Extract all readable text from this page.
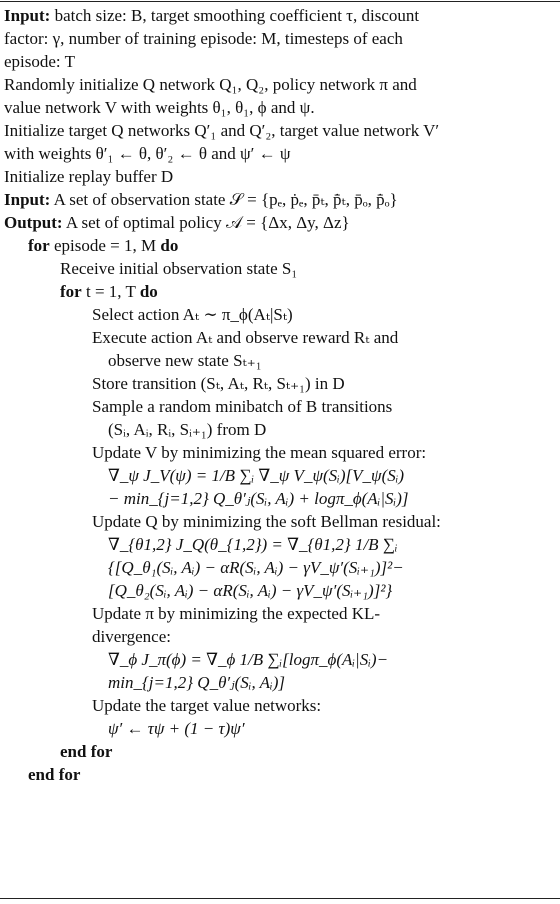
Input: batch size: B, target smoothing coefficient τ, discount
factor: γ, number of training episode: M, timesteps of each
episode: T
Randomly initialize Q network Q₁, Q₂, policy network π and
value network V with weights θ₁, θ₁, ϕ and ψ.
Initialize target Q networks Q′₁ and Q′₂, target value network V′
with weights θ′₁ ← θ, θ′₂ ← θ and ψ′ ← ψ
Initialize replay buffer D
Input: A set of observation state 𝒮 = {pₑ, ṗₑ, p̄ₜ, p̄̇ₜ, p̄ₒ, p̄̇ₒ}
Output: A set of optimal policy 𝒜 = {Δx, Δy, Δz}
for episode = 1, M do
Receive initial observation state S₁
for t = 1, T do
Select action Aₜ ∼ π_ϕ(Aₜ|Sₜ)
Execute action Aₜ and observe reward Rₜ and
observe new state Sₜ₊₁
Store transition (Sₜ, Aₜ, Rₜ, Sₜ₊₁) in D
Sample a random minibatch of B transitions
(Sᵢ, Aᵢ, Rᵢ, Sᵢ₊₁) from D
Update V by minimizing the mean squared error:
∇_ψ J_V(ψ) = 1/B ∑ᵢ ∇_ψ V_ψ(Sᵢ)[V_ψ(Sᵢ)
− min_{j=1,2} Q_θ′ⱼ(Sᵢ, Aᵢ) + logπ_ϕ(Aᵢ|Sᵢ)]
Update Q by minimizing the soft Bellman residual:
∇_{θ1,2} J_Q(θ_{1,2}) = ∇_{θ1,2} 1/B ∑ᵢ
{[Q_θ₁(Sᵢ, Aᵢ) − αR(Sᵢ, Aᵢ) − γV_ψ′(Sᵢ₊₁)]²−
[Q_θ₂(Sᵢ, Aᵢ) − αR(Sᵢ, Aᵢ) − γV_ψ′(Sᵢ₊₁)]²}
Update π by minimizing the expected KL-
divergence:
∇_ϕ J_π(ϕ) = ∇_ϕ 1/B ∑ᵢ[logπ_ϕ(Aᵢ|Sᵢ)−
min_{j=1,2} Q_θ′ⱼ(Sᵢ, Aᵢ)]
Update the target value networks:
ψ′ ← τψ + (1 − τ)ψ′
end for
end for
